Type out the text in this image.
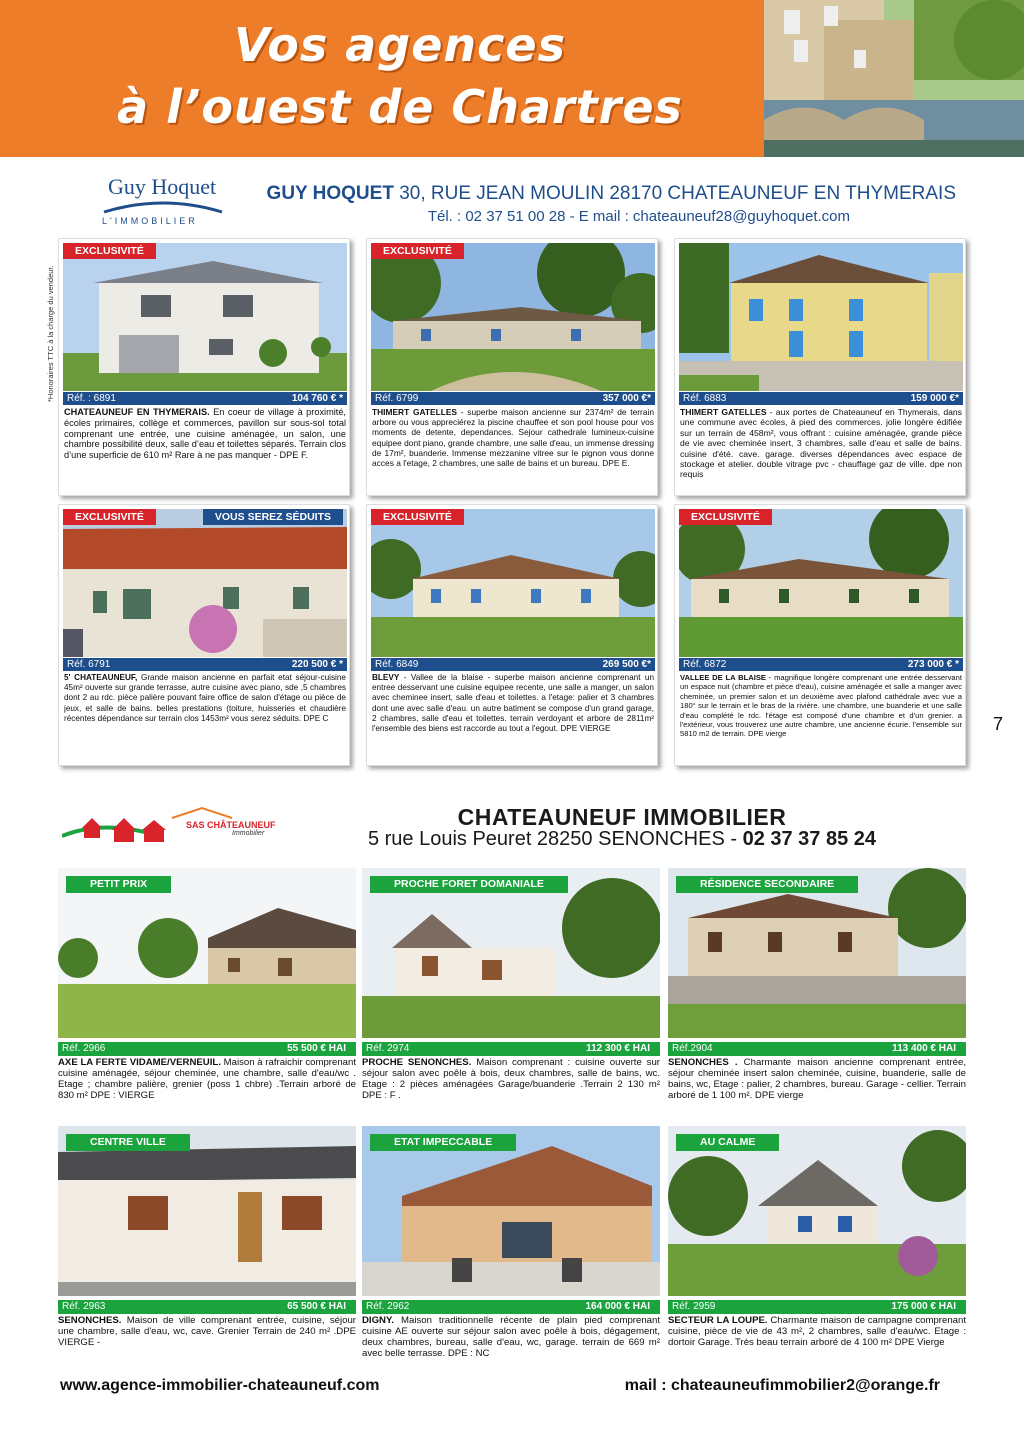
Vos agences
à l’ouest de Chartres
Guy Hoquet
L'IMMOBILIER
GUY HOQUET 30, RUE JEAN MOULIN 28170 CHATEAUNEUF EN THYMERAIS
Tél. : 02 37 51 00 28 - E mail : chateauneuf28@guyhoquet.com
*Honoraires TTC à la charge du vendeur.
EXCLUSIVITÉ
Réf. : 6891	104 760 € *
CHATEAUNEUF EN THYMERAIS. En coeur de village à proximité, écoles primaires, collège et commerces, pavillon sur sous-sol total comprenant une entrée, une cuisine aménagée, un salon, une chambre possibilité deux, salle d’eau et toilettes séparés. Terrain clos d’une superficie de 610 m² Rare à ne pas manquer - DPE F.
EXCLUSIVITÉ
Réf. 6799	357 000 €*
THIMERT GATELLES - superbe maison ancienne sur 2374m² de terrain arbore ou vous appreciérez la piscine chauffee et son pool house pour vos moments de detente, dependances. Sejour cathedrale lumineux-cuisine equipee dont piano, grande chambre, une salle d'eau, un immense dressing de 17m², buanderie. Immense mezzanine vitree sur le pignon vous donne acces a l'etage, 2 chambres, une salle de bains et un bureau. DPE E.
Réf. 6883	159 000 €*
THIMERT GATELLES - aux portes de Chateauneuf en Thymerais, dans une commune avec écoles, à pied des commerces. jolie longère édifiée sur un terrain de 458m², vous offrant : cuisine aménagée, grande pièce de vie avec cheminée insert, 3 chambres, salle d'eau et salle de bains. cuisine d'été. cave. garage. diverses dépendances avec espace de stockage et atelier. double vitrage pvc - chauffage gaz de ville. dpe non requis
EXCLUSIVITÉ	VOUS SEREZ SÉDUITS
Réf. 6791	220 500 € *
5' CHATEAUNEUF, Grande maison ancienne en parfait etat séjour-cuisine 45m² ouverte sur grande terrasse, autre cuisine avec piano, sde ,5 chambres dont 2 au rdc. pièce palière pouvant faire office de salon d'étage ou pièce de jeux, et salle de bains. belles prestations (toiture, huisseries et chaudière récentes dépendance sur terrain clos 1453m² vous serez séduits. DPE C
EXCLUSIVITÉ
Réf. 6849	269 500 €*
BLEVY - Vallee de la blaise - superbe maison ancienne comprenant un entree desservant une cuisine equipee recente, une salle a manger, un salon avec cheminee insert, salle d'eau et toilettes. a l'etage: palier et 3 chambres dont une avec salle d'eau. un autre batiment se compose d'un grand garage, 2 chambres, salle d'eau et toilettes. terrain verdoyant et arbore de 2811m² l'ensemble des biens est raccorde au tout a l'egout. DPE VIERGE
EXCLUSIVITÉ
Réf. 6872	273 000 € *
VALLEE DE LA BLAISE - magnifique longère comprenant une entrée desservant un espace nuit (chambre et pièce d'eau), cuisine aménagée et salle a manger avec cheminée, un premier salon et un deuxième avec plafond cathédrale avec vue a 180° sur le terrain et le bras de la rivière. une chambre, une buanderie et une salle d'eau complété le rdc. l'étage est composé d'une chambre et d'un grenier. a l'extérieur, vous trouverez une autre chambre, une ancienne écurie. l'ensemble sur 5810 m2 de terrain. DPE vierge	7
SAS CHÂTEAUNEUF
Immobilier
CHATEAUNEUF IMMOBILIER
5 rue Louis Peuret 28250 SENONCHES - 02 37 37 85 24
PETIT PRIX
Réf. 2966	55 500 € HAI
AXE LA FERTE VIDAME/VERNEUIL. Maison à rafraichir comprenant cuisine aménagée, séjour cheminée, une chambre, salle d'eau/wc . Etage ; chambre palière, grenier (poss 1 chbre) .Terrain arboré de 830 m² DPE : VIERGE
PROCHE FORET DOMANIALE
Réf. 2974	112 300 € HAI
PROCHE SENONCHES. Maison comprenant : cuisine ouverte sur séjour salon avec poêle à bois, deux chambres, salle de bains, wc. Etage : 2 pièces aménagées Garage/buanderie .Terrain 2 130 m² DPE : F .
RÉSIDENCE SECONDAIRE
Réf.2904	113 400 € HAI
SENONCHES . Charmante maison ancienne comprenant entrée, séjour cheminée insert salon cheminée, cuisine, buanderie, salle de bains, wc, Etage : palier, 2 chambres, bureau. Garage - cellier. Terrain arboré de 1 100 m². DPE vierge
CENTRE VILLE
Réf. 2963	65 500 € HAI
SENONCHES. Maison de ville comprenant entrée, cuisine, séjour une chambre, salle d'eau, wc, cave. Grenier Terrain de 240 m² .DPE VIERGE -
ETAT IMPECCABLE
Réf. 2962	164 000 € HAI
DIGNY. Maison traditionnelle récente de plain pied comprenant cuisine AE ouverte sur séjour salon avec poêle à bois, dégagement, deux chambres, bureau, salle d'eau, wc, garage. terrain de 669 m² avec belle terrasse. DPE : NC
AU CALME
Réf. 2959	175 000 € HAI
SECTEUR LA LOUPE. Charmante maison de campagne comprenant cuisine, pièce de vie de 43 m², 2 chambres, salle d'eau/wc. Etage : dortoir Garage. Très beau terrain arboré de 4 100 m² DPE Vierge
www.agence-immobilier-chateauneuf.com	mail : chateauneufimmobilier2@orange.fr
